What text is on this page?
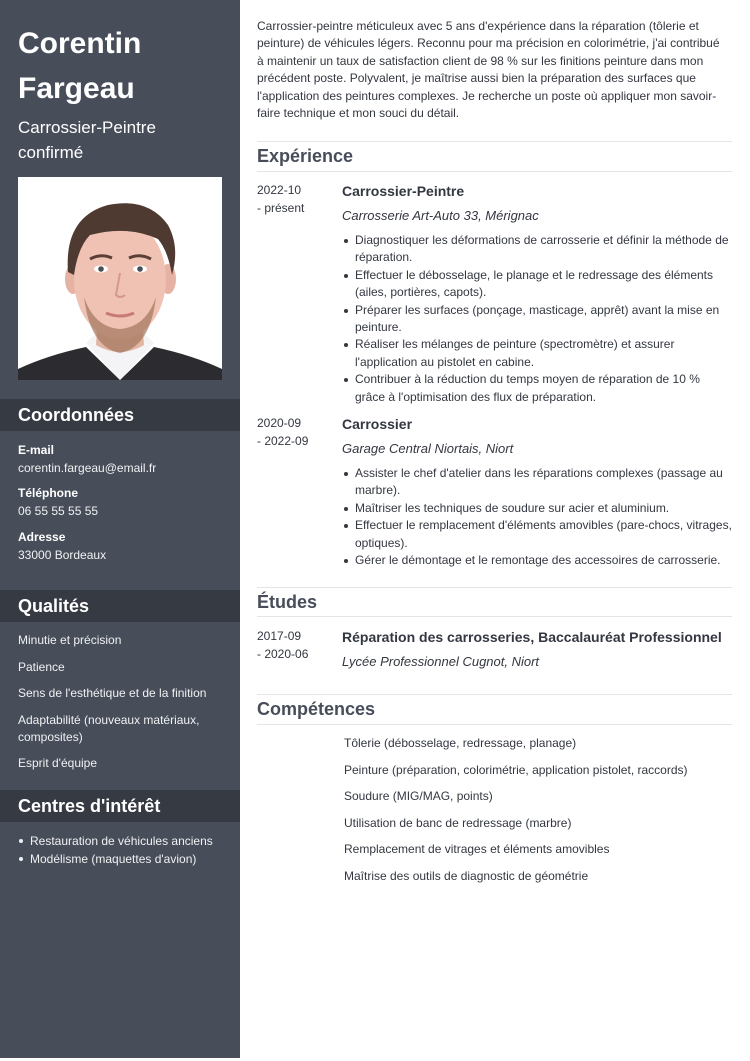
Corentin
Fargeau
Carrossier-Peintre confirmé
Coordonnées
E-mail
corentin.fargeau@email.fr
Téléphone
06 55 55 55 55
Adresse
33000 Bordeaux
Qualités
Minutie et précision
Patience
Sens de l'esthétique et de la finition
Adaptabilité (nouveaux matériaux, composites)
Esprit d'équipe
Centres d'intérêt
Restauration de véhicules anciens
Modélisme (maquettes d'avion)

Carrossier-peintre méticuleux avec 5 ans d'expérience dans la réparation (tôlerie et peinture) de véhicules légers. Reconnu pour ma précision en colorimétrie, j'ai contribué à maintenir un taux de satisfaction client de 98 % sur les finitions peinture dans mon précédent poste. Polyvalent, je maîtrise aussi bien la préparation des surfaces que l'application des peintures complexes. Je recherche un poste où appliquer mon savoir-faire technique et mon souci du détail.

Expérience
2022-10
- présent
Carrossier-Peintre
Carrosserie Art-Auto 33, Mérignac
Diagnostiquer les déformations de carrosserie et définir la méthode de réparation.
Effectuer le débosselage, le planage et le redressage des éléments (ailes, portières, capots).
Préparer les surfaces (ponçage, masticage, apprêt) avant la mise en peinture.
Réaliser les mélanges de peinture (spectromètre) et assurer l'application au pistolet en cabine.
Contribuer à la réduction du temps moyen de réparation de 10 % grâce à l'optimisation des flux de préparation.
2020-09
- 2022-09
Carrossier
Garage Central Niortais, Niort
Assister le chef d'atelier dans les réparations complexes (passage au marbre).
Maîtriser les techniques de soudure sur acier et aluminium.
Effectuer le remplacement d'éléments amovibles (pare-chocs, vitrages, optiques).
Gérer le démontage et le remontage des accessoires de carrosserie.
Études
2017-09
- 2020-06
Réparation des carrosseries, Baccalauréat Professionnel
Lycée Professionnel Cugnot, Niort
Compétences
Tôlerie (débosselage, redressage, planage)
Peinture (préparation, colorimétrie, application pistolet, raccords)
Soudure (MIG/MAG, points)
Utilisation de banc de redressage (marbre)
Remplacement de vitrages et éléments amovibles
Maîtrise des outils de diagnostic de géométrie
